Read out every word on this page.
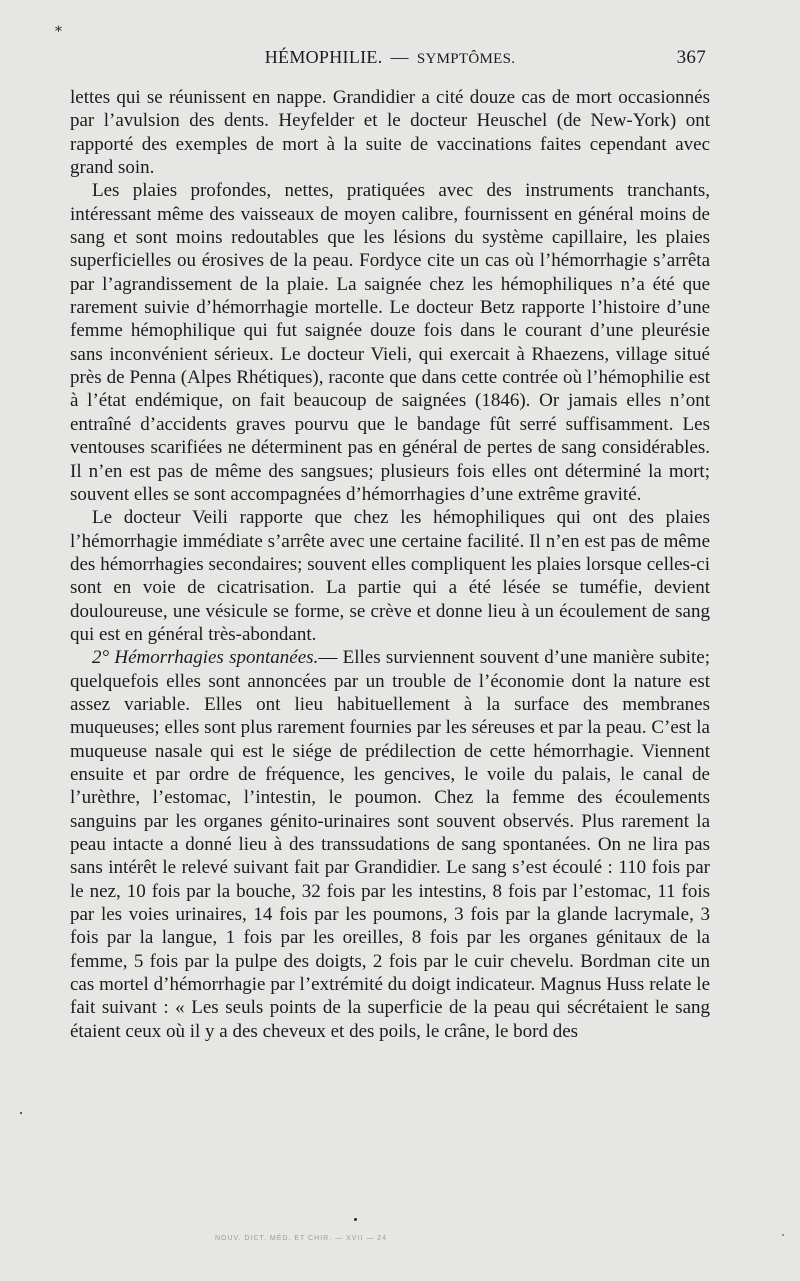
*
HÉMOPHILIE. — SYMPTÔMES.	367

lettes qui se réunissent en nappe. Grandidier a cité douze cas de mort occasionnés par l’avulsion des dents. Heyfelder et le docteur Heuschel (de New-York) ont rapporté des exemples de mort à la suite de vaccinations faites cependant avec grand soin.

Les plaies profondes, nettes, pratiquées avec des instruments tranchants, intéressant même des vaisseaux de moyen calibre, fournissent en général moins de sang et sont moins redoutables que les lésions du système capillaire, les plaies superficielles ou érosives de la peau. Fordyce cite un cas où l’hémorrhagie s’arrêta par l’agrandissement de la plaie. La saignée chez les hémophiliques n’a été que rarement suivie d’hémorrhagie mortelle. Le docteur Betz rapporte l’histoire d’une femme hémophilique qui fut saignée douze fois dans le courant d’une pleurésie sans inconvénient sérieux. Le docteur Vieli, qui exercait à Rhaezens, village situé près de Penna (Alpes Rhétiques), raconte que dans cette contrée où l’hémophilie est à l’état endémique, on fait beaucoup de saignées (1846). Or jamais elles n’ont entraîné d’accidents graves pourvu que le bandage fût serré suffisamment. Les ventouses scarifiées ne déterminent pas en général de pertes de sang considérables. Il n’en est pas de même des sangsues; plusieurs fois elles ont déterminé la mort; souvent elles se sont accompagnées d’hémorrhagies d’une extrême gravité.

Le docteur Veili rapporte que chez les hémophiliques qui ont des plaies l’hémorrhagie immédiate s’arrête avec une certaine facilité. Il n’en est pas de même des hémorrhagies secondaires; souvent elles compliquent les plaies lorsque celles-ci sont en voie de cicatrisation. La partie qui a été lésée se tuméfie, devient douloureuse, une vésicule se forme, se crève et donne lieu à un écoulement de sang qui est en général très-abondant.

2° Hémorrhagies spontanées.— Elles surviennent souvent d’une manière subite; quelquefois elles sont annoncées par un trouble de l’économie dont la nature est assez variable. Elles ont lieu habituellement à la surface des membranes muqueuses; elles sont plus rarement fournies par les séreuses et par la peau. C’est la muqueuse nasale qui est le siége de prédilection de cette hémorrhagie. Viennent ensuite et par ordre de fréquence, les gencives, le voile du palais, le canal de l’urèthre, l’estomac, l’intestin, le poumon. Chez la femme des écoulements sanguins par les organes génito-urinaires sont souvent observés. Plus rarement la peau intacte a donné lieu à des transsudations de sang spontanées. On ne lira pas sans intérêt le relevé suivant fait par Grandidier. Le sang s’est écoulé : 110 fois par le nez, 10 fois par la bouche, 32 fois par les intestins, 8 fois par l’estomac, 11 fois par les voies urinaires, 14 fois par les poumons, 3 fois par la glande lacrymale, 3 fois par la langue, 1 fois par les oreilles, 8 fois par les organes génitaux de la femme, 5 fois par la pulpe des doigts, 2 fois par le cuir chevelu. Bordman cite un cas mortel d’hémorrhagie par l’extrémité du doigt indicateur. Magnus Huss relate le fait suivant : « Les seuls points de la superficie de la peau qui sécrétaient le sang étaient ceux où il y a des cheveux et des poils, le crâne, le bord des

NOUV. DICT. MÉD. ET CHIR. — XVII — 24
